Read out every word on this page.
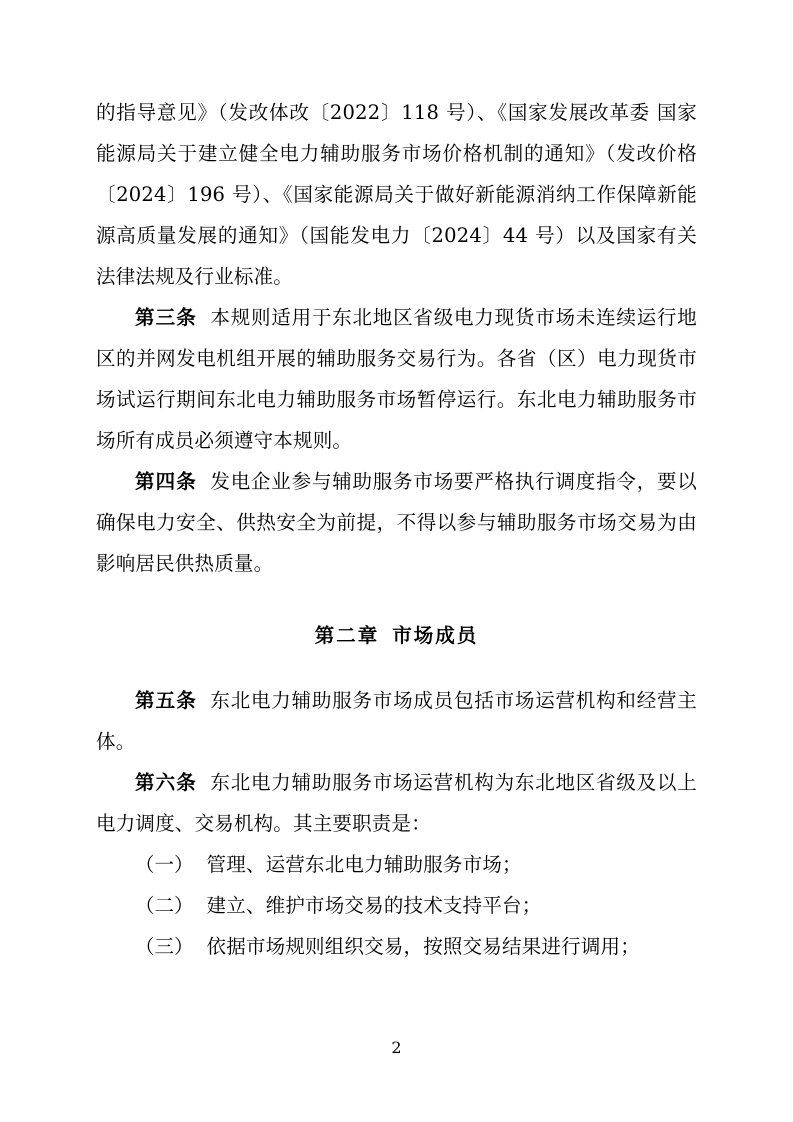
的指导意见》（发改体改〔2022〕118 号）、《国家发展改革委 国家能源局关于建立健全电力辅助服务市场价格机制的通知》（发改价格〔2024〕196 号）、《国家能源局关于做好新能源消纳工作保障新能源高质量发展的通知》（国能发电力〔2024〕44 号）以及国家有关法律法规及行业标准。

第三条 本规则适用于东北地区省级电力现货市场未连续运行地区的并网发电机组开展的辅助服务交易行为。各省（区）电力现货市场试运行期间东北电力辅助服务市场暂停运行。东北电力辅助服务市场所有成员必须遵守本规则。

第四条 发电企业参与辅助服务市场要严格执行调度指令，要以确保电力安全、供热安全为前提，不得以参与辅助服务市场交易为由影响居民供热质量。

第二章 市场成员

第五条 东北电力辅助服务市场成员包括市场运营机构和经营主体。

第六条 东北电力辅助服务市场运营机构为东北地区省级及以上电力调度、交易机构。其主要职责是：

（一） 管理、运营东北电力辅助服务市场；

（二） 建立、维护市场交易的技术支持平台；

（三） 依据市场规则组织交易，按照交易结果进行调用；

2
